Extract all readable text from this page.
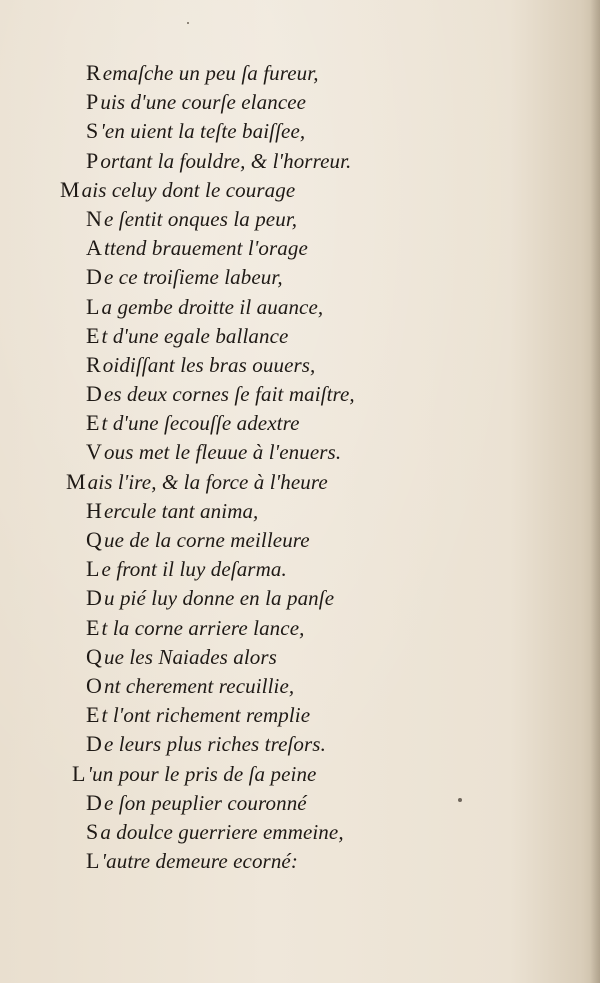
Remaſche un peu ſa fureur,
Puis d'une courſe elancee
S'en uient la teſte baiſſee,
Portant la fouldre, & l'horreur.
Mais celuy dont le courage
Ne ſentit onques la peur,
Attend brauement l'orage
De ce troiſieme labeur,
La gembe droitte il auance,
Et d'une egale ballance
Roidiſſant les bras ouuers,
Des deux cornes ſe fait maiſtre,
Et d'une ſecouſſe adextre
Vous met le fleuue à l'enuers.
Mais l'ire, & la force à l'heure
Hercule tant anima,
Que de la corne meilleure
Le front il luy deſarma.
Du pié luy donne en la panſe
Et la corne arriere lance,
Que les Naiades alors
Ont cherement recuillie,
Et l'ont richement remplie
De leurs plus riches treſors.
L'un pour le pris de ſa peine
De ſon peuplier couronné
Sa doulce guerriere emmeine,
L'autre demeure ecorné:
